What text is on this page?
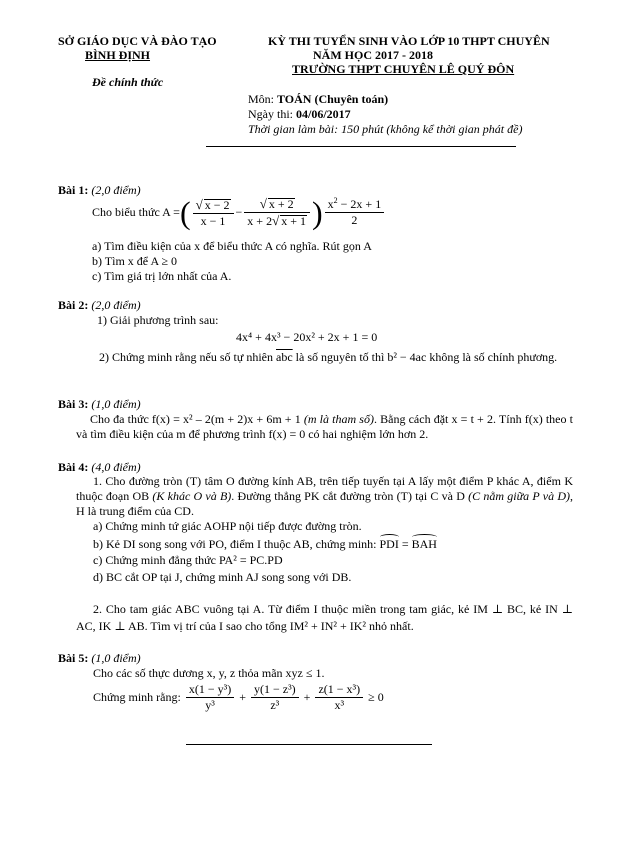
SỞ GIÁO DỤC VÀ ĐÀO TẠO
BÌNH ĐỊNH
Đề chính thức
KỲ THI TUYỂN SINH VÀO LỚP 10 THPT CHUYÊN
NĂM HỌC 2017 - 2018
TRƯỜNG THPT CHUYÊN LÊ QUÝ ĐÔN
Môn: TOÁN (Chuyên toán)
Ngày thi: 04/06/2017
Thời gian làm bài: 150 phút (không kể thời gian phát đề)
Bài 1: (2,0 điểm)
Cho biểu thức A =( $\frac{√ x - 2}{x - 1} - \frac{√ x + 2}{x + 2√ x + 1}$ ) $\frac{x^2 - 2x + 1}{2}$
a) Tìm điều kiện của x để biểu thức A có nghĩa. Rút gọn A
b) Tìm x để A ≥ 0
c) Tìm giá trị lớn nhất của A.
Bài 2: (2,0 điểm)
1) Giải phương trình sau:
4x⁴ + 4x³ − 20x² + 2x + 1 = 0
2) Chứng minh rằng nếu số tự nhiên $\overline{abc}$ là số nguyên tố thì b² − 4ac không là số chính phương.
Bài 3: (1,0 điểm)
Cho đa thức f(x) = x² – 2(m + 2)x + 6m + 1 (m là tham số). Bằng cách đặt x = t + 2. Tính f(x) theo t và tìm điều kiện của m để phương trình f(x) = 0 có hai nghiệm lớn hơn 2.
Bài 4: (4,0 điểm)
1. Cho đường tròn (T) tâm O đường kính AB, trên tiếp tuyến tại A lấy một điểm P khác A, điểm K thuộc đoạn OB (K khác O và B). Đường thẳng PK cắt đường tròn (T) tại C và D (C nằm giữa P và D), H là trung điểm của CD.
a) Chứng minh tứ giác AOHP nội tiếp được đường tròn.
b) Kẻ DI song song với PO, điểm I thuộc AB, chứng minh: PDI = BAH
c) Chứng minh đẳng thức PA² = PC.PD
d) BC cắt OP tại J, chứng minh AJ song song với DB.
2. Cho tam giác ABC vuông tại A. Từ điểm I thuộc miền trong tam giác, kẻ IM ⊥ BC, kẻ IN ⊥ AC, IK ⊥ AB. Tìm vị trí của I sao cho tổng IM² + IN² + IK² nhỏ nhất.
Bài 5: (1,0 điểm)
Cho các số thực dương x, y, z thỏa mãn xyz ≤ 1.
Chứng minh rằng: $\frac{\text{x(1 − y³)}}{\text{y³}} + \frac{\text{y(1 − z³)}}{\text{z³}} + \frac{\text{z(1 − x³)}}{\text{x³}} \ge 0$
